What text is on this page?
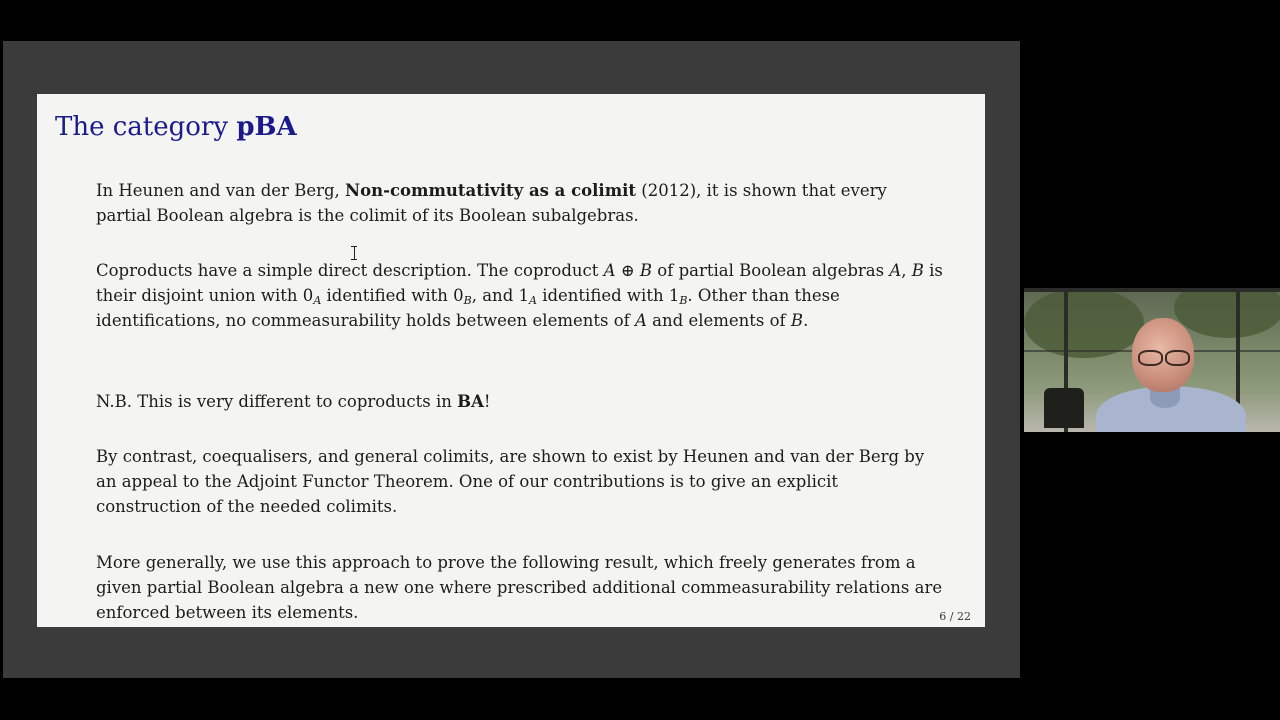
The category pBA
In Heunen and van der Berg, Non-commutativity as a colimit (2012), it is shown that every partial Boolean algebra is the colimit of its Boolean subalgebras.
Coproducts have a simple direct description. The coproduct A ⊕ B of partial Boolean algebras A, B is their disjoint union with $0_A$ identified with $0_B$, and $1_A$ identified with $1_B$. Other than these identifications, no commeasurability holds between elements of A and elements of B.
N.B. This is very different to coproducts in BA!
By contrast, coequalisers, and general colimits, are shown to exist by Heunen and van der Berg by an appeal to the Adjoint Functor Theorem. One of our contributions is to give an explicit construction of the needed colimits.
More generally, we use this approach to prove the following result, which freely generates from a given partial Boolean algebra a new one where prescribed additional commeasurability relations are enforced between its elements.	6 / 22
